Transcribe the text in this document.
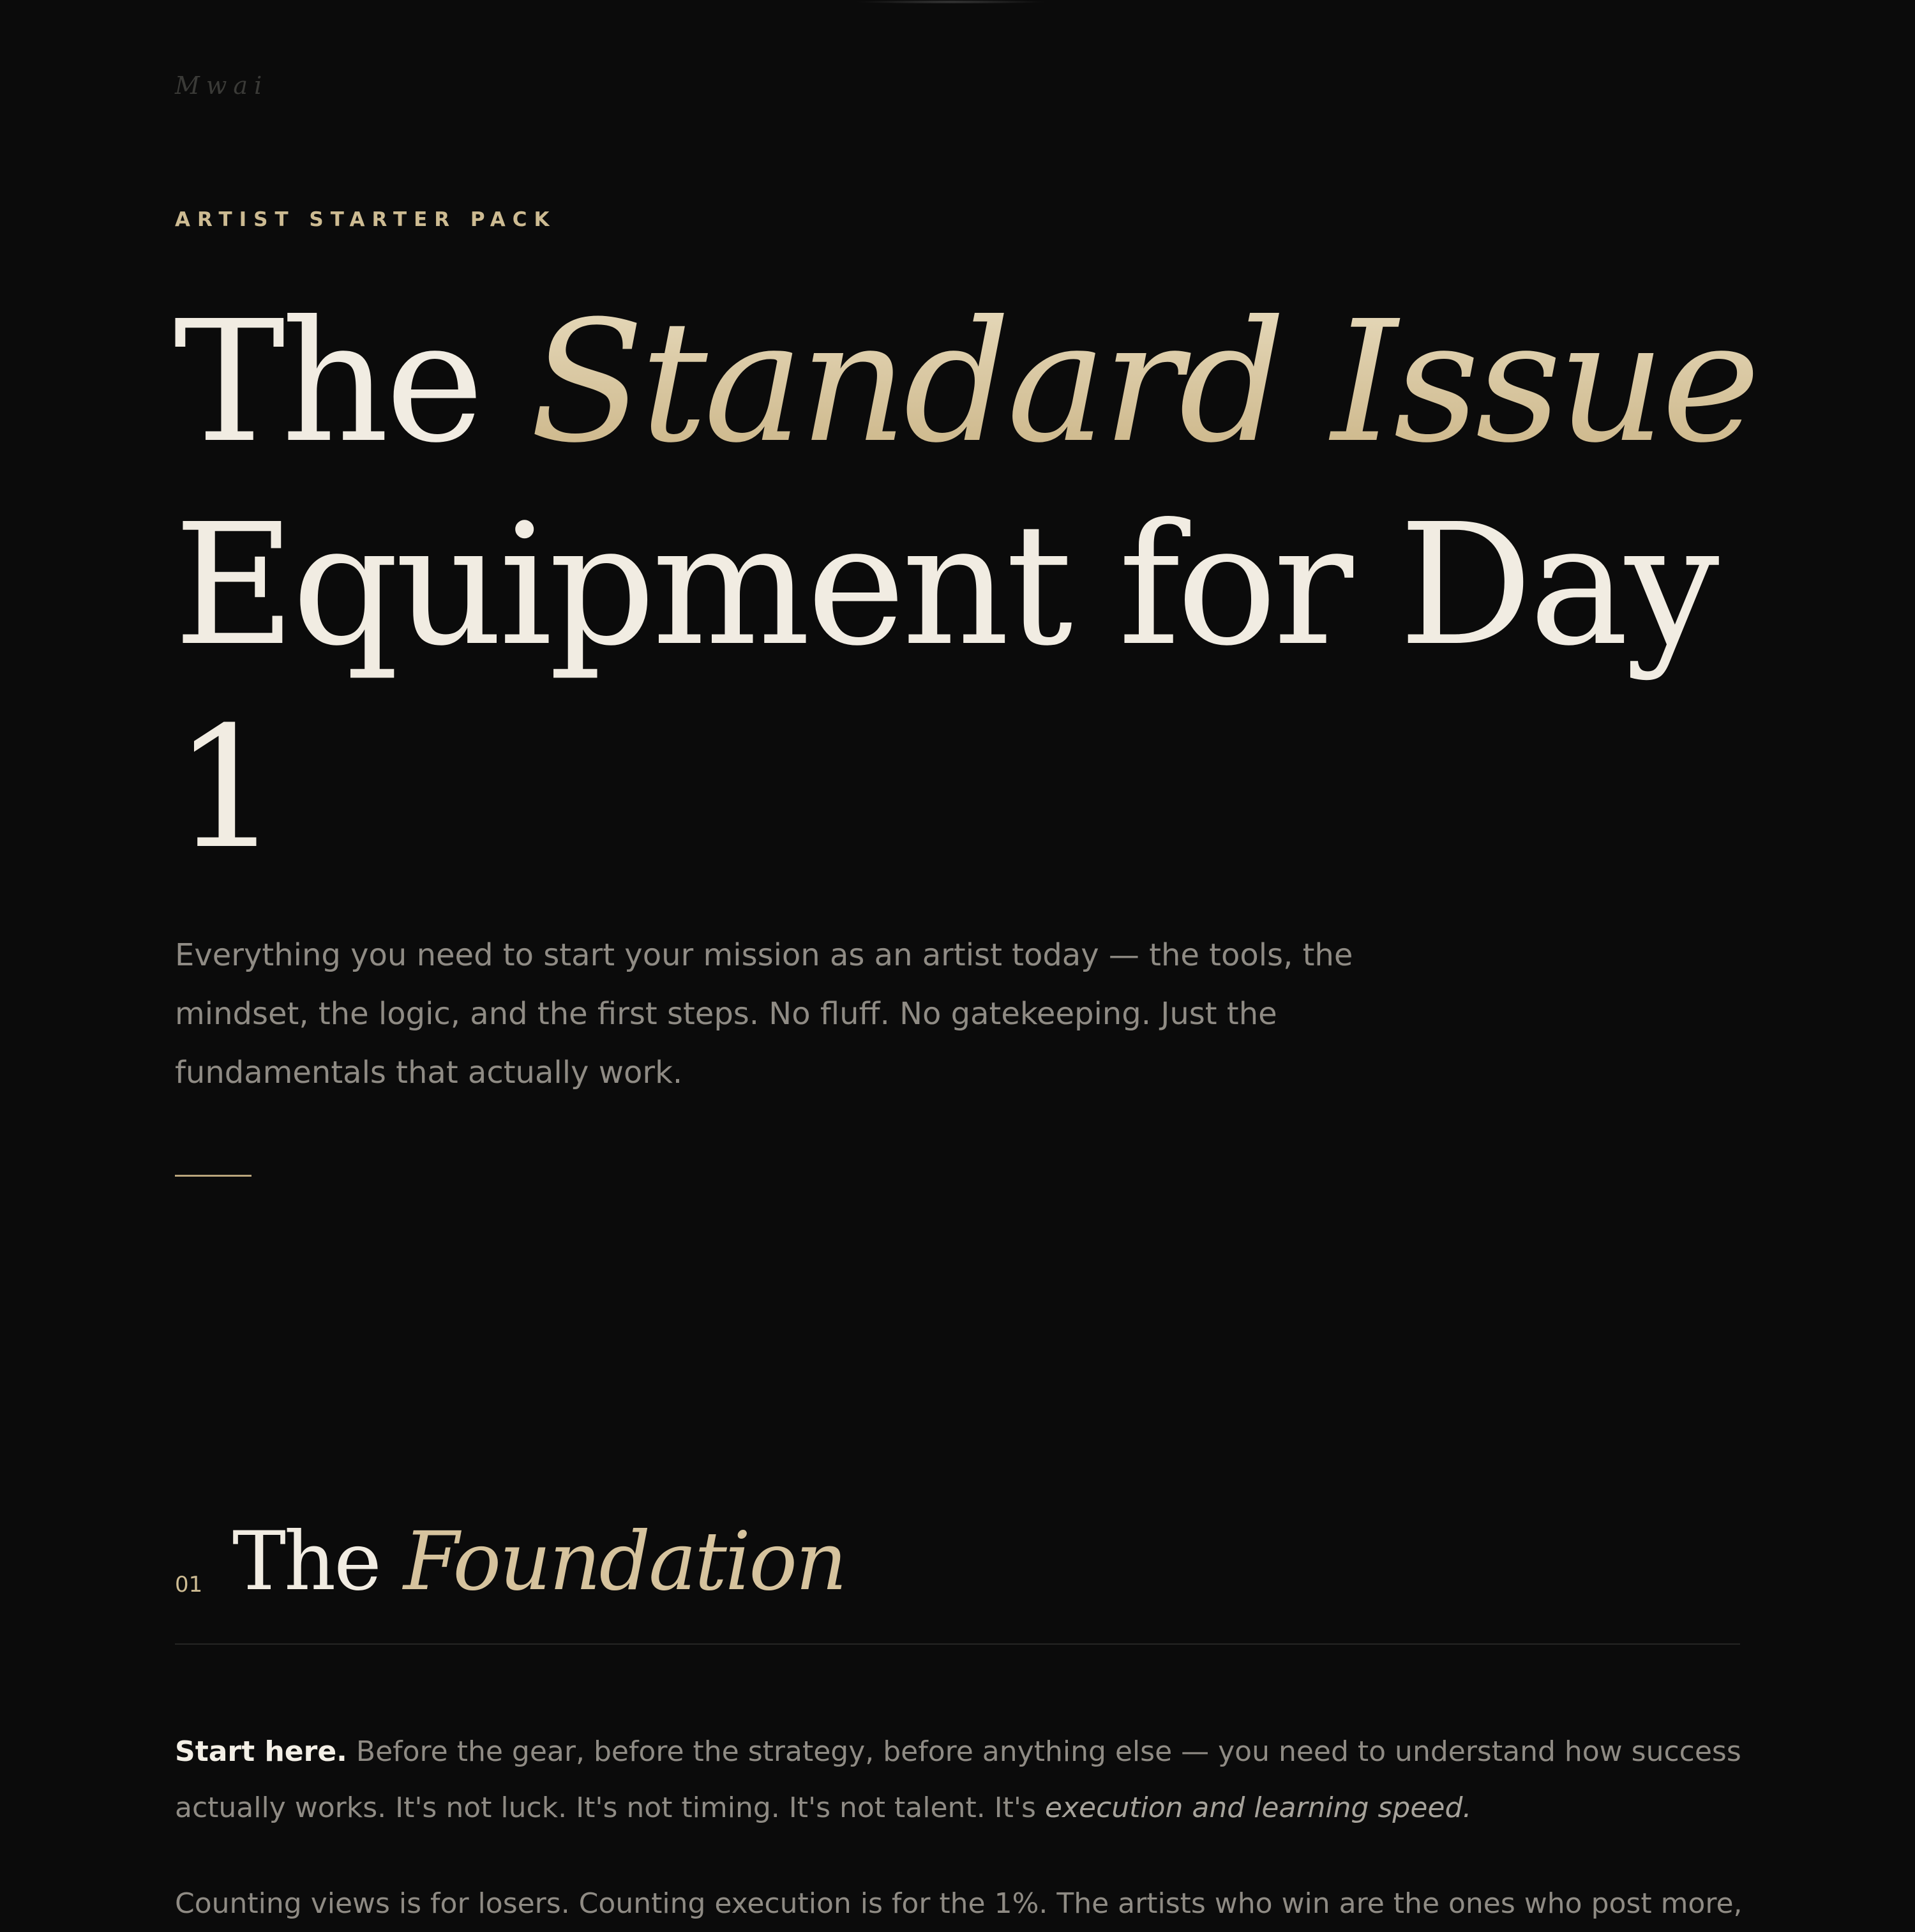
Mwai
ARTIST STARTER PACK
The Standard Issue Equipment for Day 1

Everything you need to start your mission as an artist today — the tools, the mindset, the logic, and the first steps. No fluff. No gatekeeping. Just the fundamentals that actually work.

01 The Foundation

Start here. Before the gear, before the strategy, before anything else — you need to understand how success actually works. It's not luck. It's not timing. It's not talent. It's execution and learning speed.

Counting views is for losers. Counting execution is for the 1%. The artists who win are the ones who post more,
